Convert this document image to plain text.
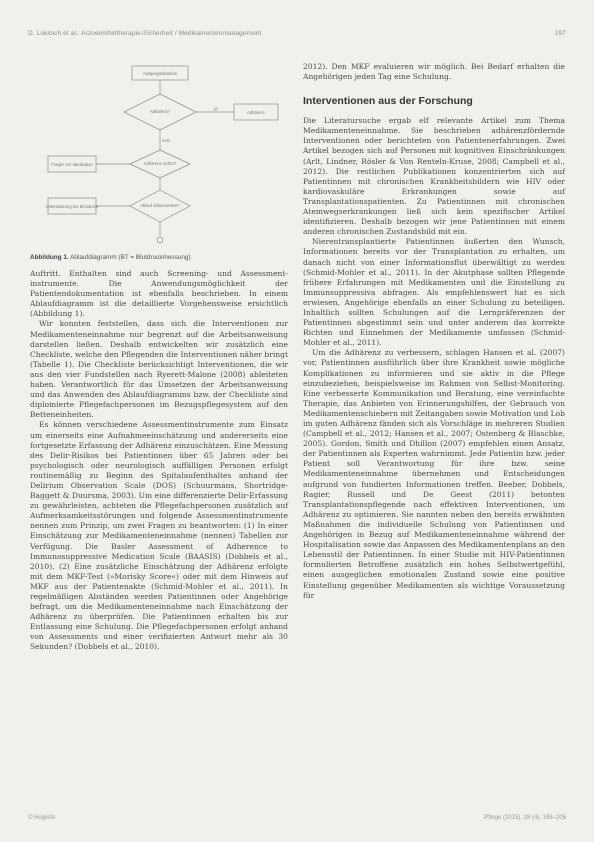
D. Lukitsch et al.: Arzneimitteltherapie-Sicherheit / Medikamentenmanagement	197
Ausgangssituation
Adhärenz?	Adhärenz
Adhärenz sicher?
Fragen zur Medikation
Ablauf dokumentiert?
Unterstützung bei Einnahme
ja
nein
Abbildung 1. Ablaufdiagramm (BT = Blutdruckmessung)

Auftritt. Enthalten sind auch Screening- und Assessment-instrumente. Die Anwendungsmöglichkeit der Patientendokumentation ist ebenfalls beschrieben. In einem Ablaufdiagramm ist die detaillierte Vorgehensweise ersichtlich (Abbildung 1).

Wir konnten feststellen, dass sich die Interventionen zur Medikamenteneinnahme nur begrenzt auf die Arbeitsanweisung darstellen ließen. Deshalb entwickelten wir zusätzlich eine Checkliste, welche den Pflegenden die Interventionen näher bringt (Tabelle 1). Die Checkliste berücksichtigt Interventionen, die wir aus den vier Fundstellen nach Ryerett-Malone (2008) ableiteten haben. Verantwortlich für das Umsetzen der Arbeitsanweisung und das Anwenden des Ablaufdiagramms bzw. der Checkliste sind diplomierte Pflegefachpersonen im Bezugspflegesystem auf den Betteneinheiten.

Es können verschiedene Assessmentinstrumente zum Einsatz um einerseits eine Aufnahmeeinschätzung und andererseits eine fortgesetzte Erfassung der Adhärenz einzuschätzen. Eine Messung des Delir-Risikos bei Patientinnen über 65 Jahren oder bei psychologisch oder neurologisch auffälligen Personen erfolgt routinemäßig zu Beginn des Spitalaufenthaltes anhand der Delirium Observation Scale (DOS) (Schuurmans, Shortridge-Baggett & Duursma, 2003). Um eine differenzierte Delir-Erfassung zu gewährleisten, achteten die Pflegefachpersonen zusätzlich auf Aufmerksamkeitsstörungen und folgende Assessmentinstrumente nennen zum Prinzip, um zwei Fragen zu beantworten: (1) In einer Einschätzung zur Medikamenteneinnahme (nennen) Tabellen zur Verfügung. Die Basler Assessment of Adherence to Immunosuppressive Medication Scale (BAASIS) (Dobbels et al., 2010). (2) Eine zusätzliche Einschätzung der Adhärenz erfolgte mit dem MKF-Test (»Morisky Score«) oder mit dem Hinweis auf MKF aus der Patientenakte (Schmid-Mohler et al., 2011). In regelmäßigen Abständen werden Patientinnen oder Angehörige befragt, um die Medikamenteneinnahme nach Einschätzung der Adhärenz zu überprüfen. Die Patientinnen erhalten bis zur Entlassung eine Schulung. Die Pflegefachpersonen erfolgt anhand von Assessments und einer verifizierten Antwort mehr als 30 Sekunden? (Dobbels et al., 2010).

2012). Den MKF evaluieren wir möglich. Bei Bedarf erhalten die Angehörigen jeden Tag eine Schulung.

Interventionen aus der Forschung

Die Literatursuche ergab elf relevante Artikel zum Thema Medikamenteneinnahme. Sie beschrieben adhärenzfördernde Interventionen oder berichteten von Patientenerfahrungen. Zwei Artikel bezogen sich auf Personen mit kognitiven Einschränkungen (Arlt, Lindner, Rösler & Von Renteln-Kruse, 2008; Campbell et al., 2012). Die restlichen Publikationen konzentrierten sich auf Patientinnen mit chronischen Krankheitsbildern wie HIV oder kardiovaskuläre Erkrankungen sowie auf Transplantationspatienten. Zu Patientinnen mit chronischen Atemwegserkrankungen ließ sich kein spezifischer Artikel identifizieren. Deshalb bezogen wir jene Patientinnen mit einem anderen chronischen Zustandsbild mit ein.

Nierentransplantierte Patientinnen äußerten den Wunsch, Informationen bereits vor der Transplantation zu erhalten, um danach nicht von einer Informationsflut überwältigt zu werden (Schmid-Mohler et al., 2011). In der Akutphase sollten Pflegende frühere Erfahrungen mit Medikamenten und die Einstellung zu Immunsuppressiva abfragen. Als empfehlenswert hat es sich erwiesen, Angehörige ebenfalls an einer Schulung zu beteiligen. Inhaltlich sollten Schulungen auf die Lernpräferenzen der Patientinnen abgestimmt sein und unter anderem das korrekte Richten und Einnehmen der Medikamente umfassen (Schmid-Mohler et al., 2011).

Um die Adhärenz zu verbessern, schlagen Hansen et al. (2007) vor, Patientinnen ausführlich über ihre Krankheit sowie mögliche Komplikationen zu informieren und sie aktiv in die Pflege einzubeziehen, beispielsweise im Rahmen von Selbst-Monitoring. Eine verbesserte Kommunikation und Beratung, eine vereinfachte Therapie, das Anbieten von Erinnerungshilfen, der Gebrauch von Medikamentenschiebern mit Zeitangaben sowie Motivation und Lob im guten Adhärenz fänden sich als Vorschläge in mehreren Studien (Campbell et al., 2012; Hansen et al., 2007; Ostenberg & Blaschke, 2005). Gordon, Smith und Dhillon (2007) empfehlen einen Ansatz, der Patientinnen als Experten wahrnimmt. Jede Patientin bzw. jeder Patient soll Verantwortung für ihre bzw. seine Medikamenteneinnahme übernehmen und Entscheidungen aufgrund von fundierten Informationen treffen. Beeber, Dobbels, Ragier, Russell und De Geest (2011) betonten Transplantationspflegende nach effektiven Interventionen, um Adhärenz zu optimieren. Sie nannten neben den bereits erwähnten Maßnahmen die individuelle Schulung von Patientinnen und Angehörigen in Bezug auf Medikamenteneinnahme während der Hospitalisation sowie das Anpassen des Medikamentenplans an den Lebensstil der Patientinnen. In einer Studie mit HIV-Patientinnen formulierten Betroffene zusätzlich ein hohes Selbstwertgefühl, einen ausgeglichen emotionalen Zustand sowie eine positive Einstellung gegenüber Medikamenten als wichtige Voraussetzung für

© Hogrefe	Pflege (2015), 28 (4), 195–205
